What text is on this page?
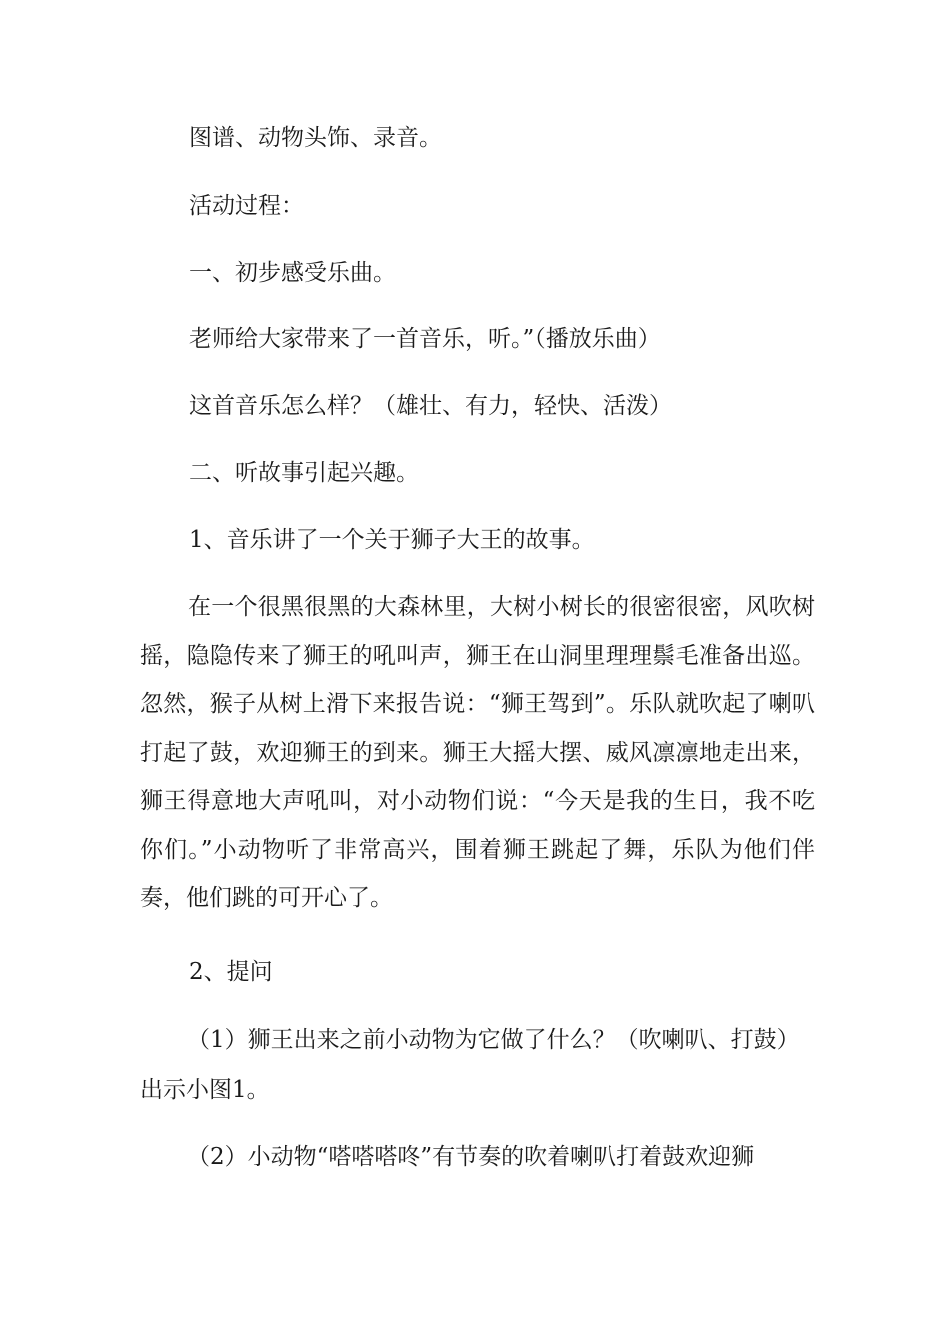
图谱、动物头饰、录音。
活动过程：
一、初步感受乐曲。
老师给大家带来了一首音乐，听。”（播放乐曲）
这首音乐怎么样？（雄壮、有力，轻快、活泼）
二、听故事引起兴趣。
1、音乐讲了一个关于狮子大王的故事。
在一个很黑很黑的大森林里，大树小树长的很密很密，风吹树摇，隐隐传来了狮王的吼叫声，狮王在山洞里理理鬃毛准备出巡。忽然，猴子从树上滑下来报告说：“狮王驾到”。乐队就吹起了喇叭打起了鼓，欢迎狮王的到来。狮王大摇大摆、威风凛凛地走出来，狮王得意地大声吼叫，对小动物们说：“今天是我的生日，我不吃你们。”小动物听了非常高兴，围着狮王跳起了舞，乐队为他们伴奏，他们跳的可开心了。
2、提问
（1）狮王出来之前小动物为它做了什么？（吹喇叭、打鼓）
出示小图1。
（2）小动物“嗒嗒嗒咚”有节奏的吹着喇叭打着鼓欢迎狮
